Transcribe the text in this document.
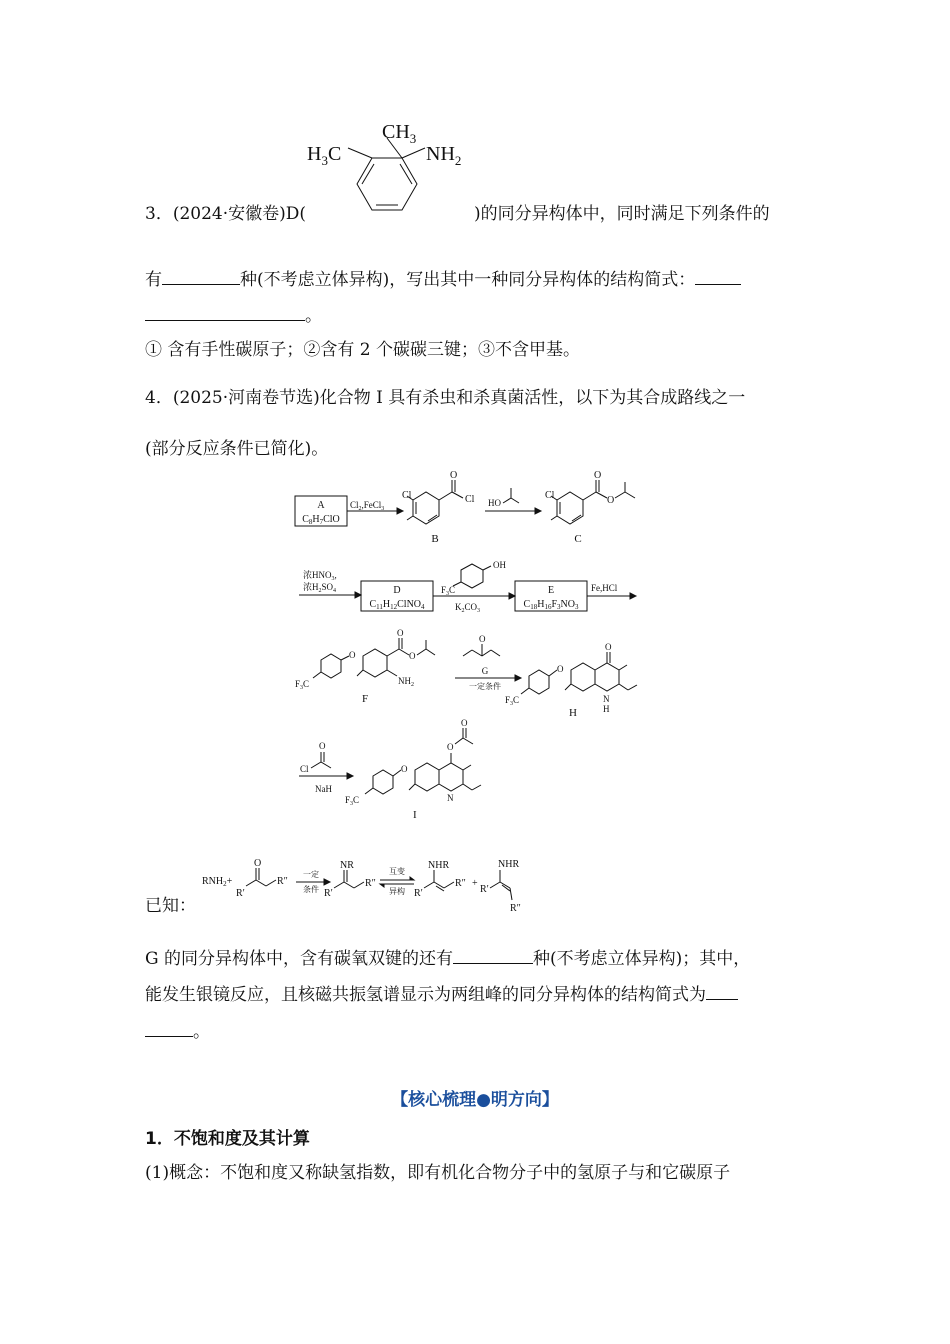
$CH_3$
$H_3C$	$NH_2$
3．(2024·安徽卷)D(	)的同分异构体中，同时满足下列条件的
有	种(不考虑立体异构)，写出其中一种同分异构体的结构简式：
。
① 含有手性碳原子；②含有 2 个碳碳三键；③不含甲基。
4．(2025·河南卷节选)化合物 I 具有杀虫和杀真菌活性，以下为其合成路线之一
(部分反应条件已简化)。
A
$C_8H_7ClO$
$Cl_2,FeCl_3$
Cl
O
Cl
B
HO
Cl
O
O
C
浓$HNO_3$,
浓$H_2SO_4$	D
$C_{11}H_{12}ClNO_4$
OH
$F_3C$
$K_2CO_3$
E
$C_{18}H_{16}F_3NO_3$
Fe,HCl
$F_3C$
O
O
O
$NH_2$
F
O
G
一定条件
$F_3C$
O
O
N
H
H
O
Cl
NaH
$F_3C$
O
O
O
N
I
$RNH_2+$
O
R′
R″
一定
条件
NR
R′
R″
互变
异构
NHR
R′
R″ +
NHR
R′
R″
已知：
G 的同分异构体中，含有碳氧双键的还有	种(不考虑立体异构)；其中，
能发生银镜反应，且核磁共振氢谱显示为两组峰的同分异构体的结构简式为
。
【核心梳理●明方向】
1．不饱和度及其计算
(1)概念：不饱和度又称缺氢指数，即有机化合物分子中的氢原子与和它碳原子
